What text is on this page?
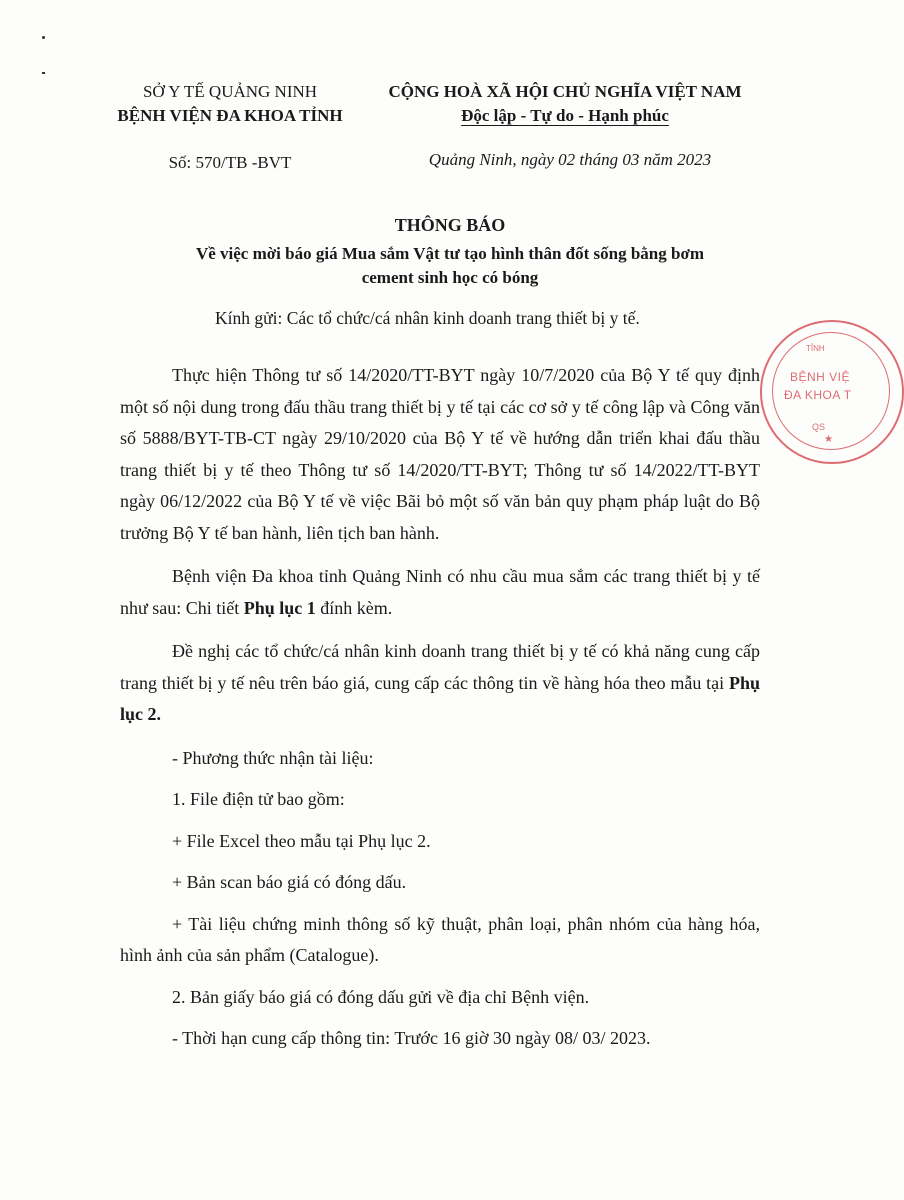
SỞ Y TẾ QUẢNG NINH
BỆNH VIỆN ĐA KHOA TỈNH
Số: 570/TB -BVT
CỘNG HOÀ XÃ HỘI CHỦ NGHĨA VIỆT NAM
Độc lập - Tự do - Hạnh phúc
Quảng Ninh, ngày 02 tháng 03 năm 2023
THÔNG BÁO
Về việc mời báo giá Mua sắm Vật tư tạo hình thân đốt sống bằng bơm
cement sinh học có bóng
Kính gửi: Các tổ chức/cá nhân kinh doanh trang thiết bị y tế.

Thực hiện Thông tư số 14/2020/TT-BYT ngày 10/7/2020 của Bộ Y tế quy định một số nội dung trong đấu thầu trang thiết bị y tế tại các cơ sở y tế công lập và Công văn số 5888/BYT-TB-CT ngày 29/10/2020 của Bộ Y tế về hướng dẫn triển khai đấu thầu trang thiết bị y tế theo Thông tư số 14/2020/TT-BYT; Thông tư số 14/2022/TT-BYT ngày 06/12/2022 của Bộ Y tế về việc Bãi bỏ một số văn bản quy phạm pháp luật do Bộ trưởng Bộ Y tế ban hành, liên tịch ban hành.

Bệnh viện Đa khoa tỉnh Quảng Ninh có nhu cầu mua sắm các trang thiết bị y tế như sau: Chi tiết Phụ lục 1 đính kèm.

Đề nghị các tổ chức/cá nhân kinh doanh trang thiết bị y tế có khả năng cung cấp trang thiết bị y tế nêu trên báo giá, cung cấp các thông tin về hàng hóa theo mẫu tại Phụ lục 2.

- Phương thức nhận tài liệu:

1. File điện tử bao gồm:

+ File Excel theo mẫu tại Phụ lục 2.

+ Bản scan báo giá có đóng dấu.

+ Tài liệu chứng minh thông số kỹ thuật, phân loại, phân nhóm của hàng hóa, hình ảnh của sản phẩm (Catalogue).

2. Bản giấy báo giá có đóng dấu gửi về địa chỉ Bệnh viện.

- Thời hạn cung cấp thông tin: Trước 16 giờ 30 ngày 08/ 03/ 2023.

TỈNH
BỆNH VIỆ
ĐA KHOA T
QS
★
